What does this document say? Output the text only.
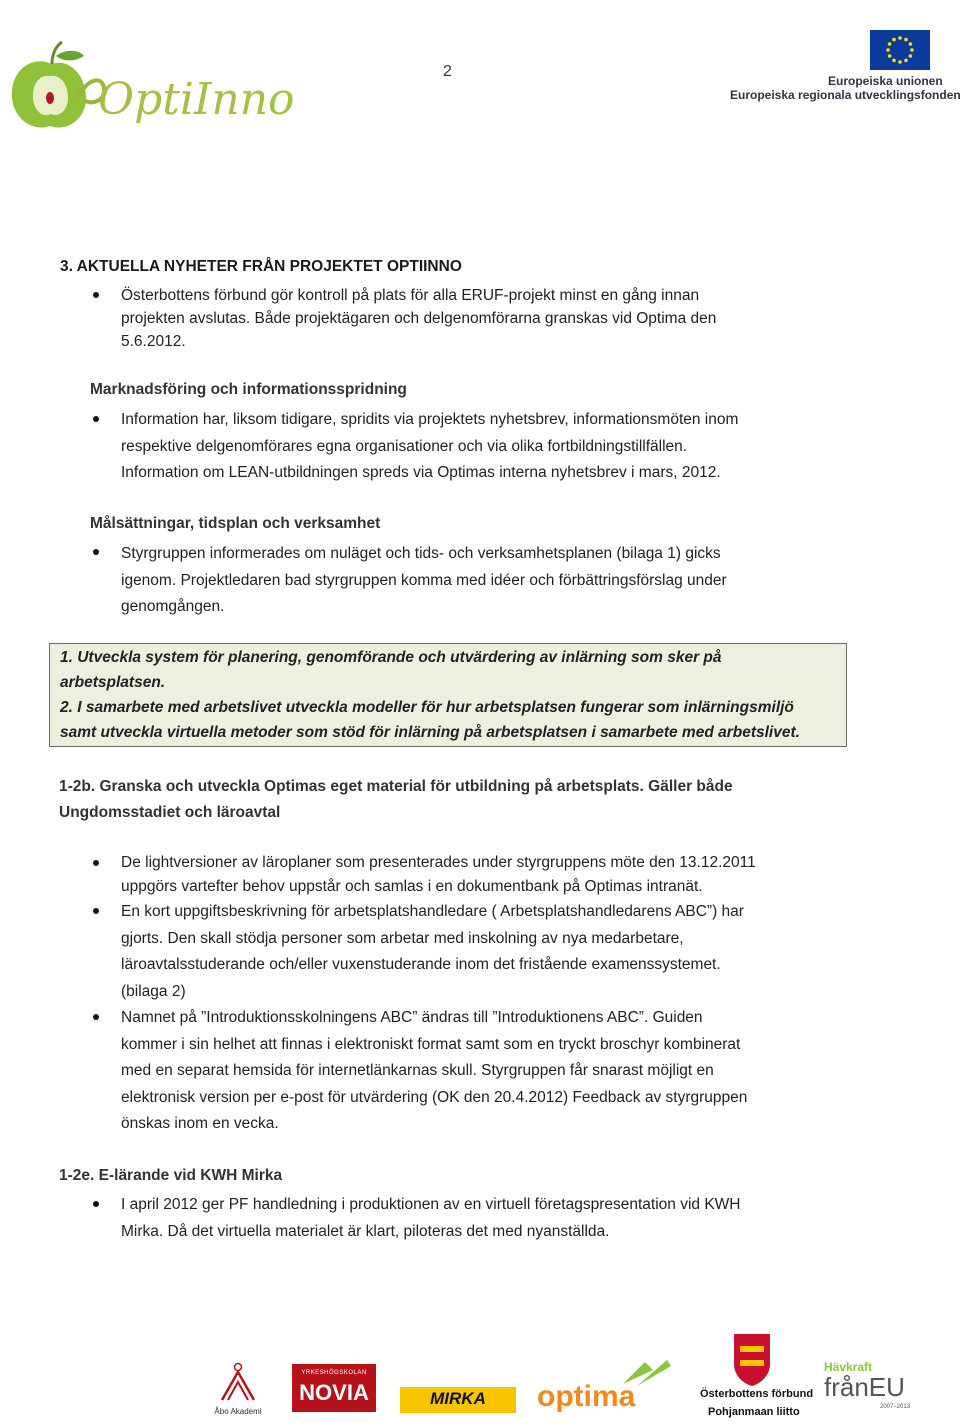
OptiInno
2
Europeiska unionen
Europeiska regionala utvecklingsfonden
3. AKTUELLA NYHETER FRÅN PROJEKTET OPTIINNO
Österbottens förbund gör kontroll på plats för alla ERUF-projekt minst en gång innan
projekten avslutas. Både projektägaren och delgenomförarna granskas vid Optima den
5.6.2012.
Marknadsföring och informationsspridning
Information har, liksom tidigare, spridits via projektets nyhetsbrev, informationsmöten inom
respektive delgenomförares egna organisationer och via olika fortbildningstillfällen.
Information om LEAN-utbildningen spreds via Optimas interna nyhetsbrev i mars, 2012.
Målsättningar, tidsplan och verksamhet
Styrgruppen informerades om nuläget och tids- och verksamhetsplanen (bilaga 1) gicks
igenom. Projektledaren bad styrgruppen komma med idéer och förbättringsförslag under
genomgången.
1. Utveckla system för planering, genomförande och utvärdering av inlärning som sker på
arbetsplatsen.
2. I samarbete med arbetslivet utveckla modeller för hur arbetsplatsen fungerar som inlärningsmiljö
samt utveckla virtuella metoder som stöd för inlärning på arbetsplatsen i samarbete med arbetslivet.
1-2b. Granska och utveckla Optimas eget material för utbildning på arbetsplats. Gäller både
Ungdomsstadiet och läroavtal
De lightversioner av läroplaner som presenterades under styrgruppens möte den 13.12.2011
uppgörs vartefter behov uppstår och samlas i en dokumentbank på Optimas intranät.
En kort uppgiftsbeskrivning för arbetsplatshandledare ( Arbetsplatshandledarens ABC”) har
gjorts. Den skall stödja personer som arbetar med inskolning av nya medarbetare,
läroavtalsstuderande och/eller vuxenstuderande inom det fristående examenssystemet.
(bilaga 2)
Namnet på ”Introduktionsskolningens ABC” ändras till ”Introduktionens ABC”. Guiden
kommer i sin helhet att finnas i elektroniskt format samt som en tryckt broschyr kombinerat
med en separat hemsida för internetlänkarnas skull. Styrgruppen får snarast möjligt en
elektronisk version per e-post för utvärdering (OK den 20.4.2012) Feedback av styrgruppen
önskas inom en vecka.
1-2e. E-lärande vid KWH Mirka
I april 2012 ger PF handledning i produktionen av en virtuell företagspresentation vid KWH
Mirka. Då det virtuella materialet är klart, piloteras det med nyanställda.
Åbo Akademi
YRKESHÖGSKOLAN
NOVIA	MIRKA	optima	Österbottens förbund
Pohjanmaan liitto
Hävkraft
frånEU
2007–2013
